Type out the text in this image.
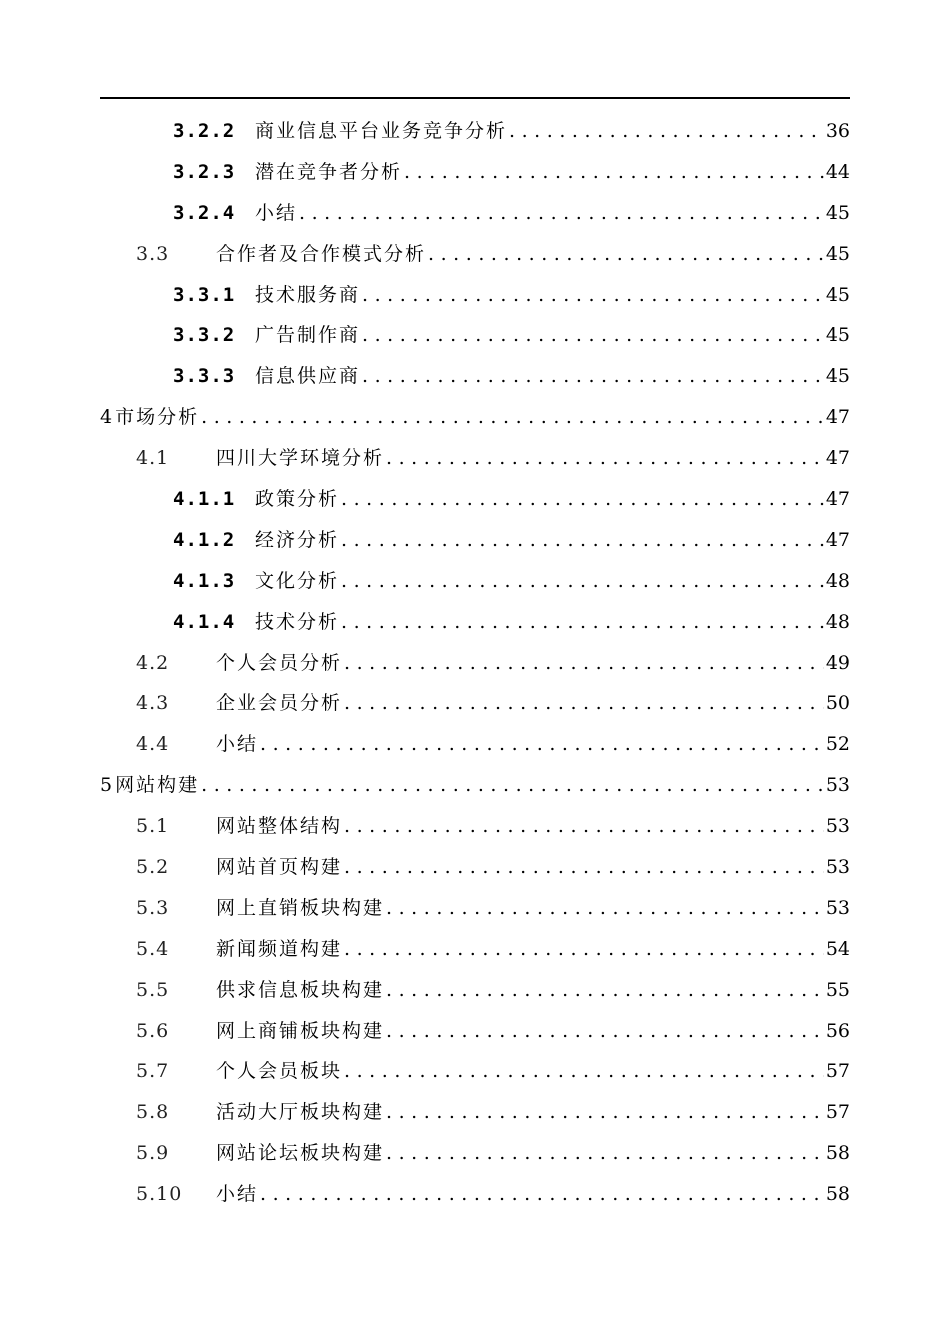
3.2.2	商业信息平台业务竞争分析 . . .	36
3.2.3	潜在竞争者分析 . . .	44
3.2.4	小结 . . .	45
3.3	合作者及合作模式分析 . . .	45
3.3.1	技术服务商 . . .	45
3.3.2	广告制作商 . . .	45
3.3.3	信息供应商 . . .	45
4 市场分析 . . .	47
4.1	四川大学环境分析 . . .	47
4.1.1	政策分析 . . .	47
4.1.2	经济分析 . . .	47
4.1.3	文化分析 . . .	48
4.1.4	技术分析 . . .	48
4.2	个人会员分析 . . .	49
4.3	企业会员分析 . . .	50
4.4	小结 . . .	52
5 网站构建 . . .	53
5.1	网站整体结构 . . .	53
5.2	网站首页构建 . . .	53
5.3	网上直销板块构建 . . .	53
5.4	新闻频道构建 . . .	54
5.5	供求信息板块构建 . . .	55
5.6	网上商铺板块构建 . . .	56
5.7	个人会员板块 . . .	57
5.8	活动大厅板块构建 . . .	57
5.9	网站论坛板块构建 . . .	58
5.10	小结 . . .	58
